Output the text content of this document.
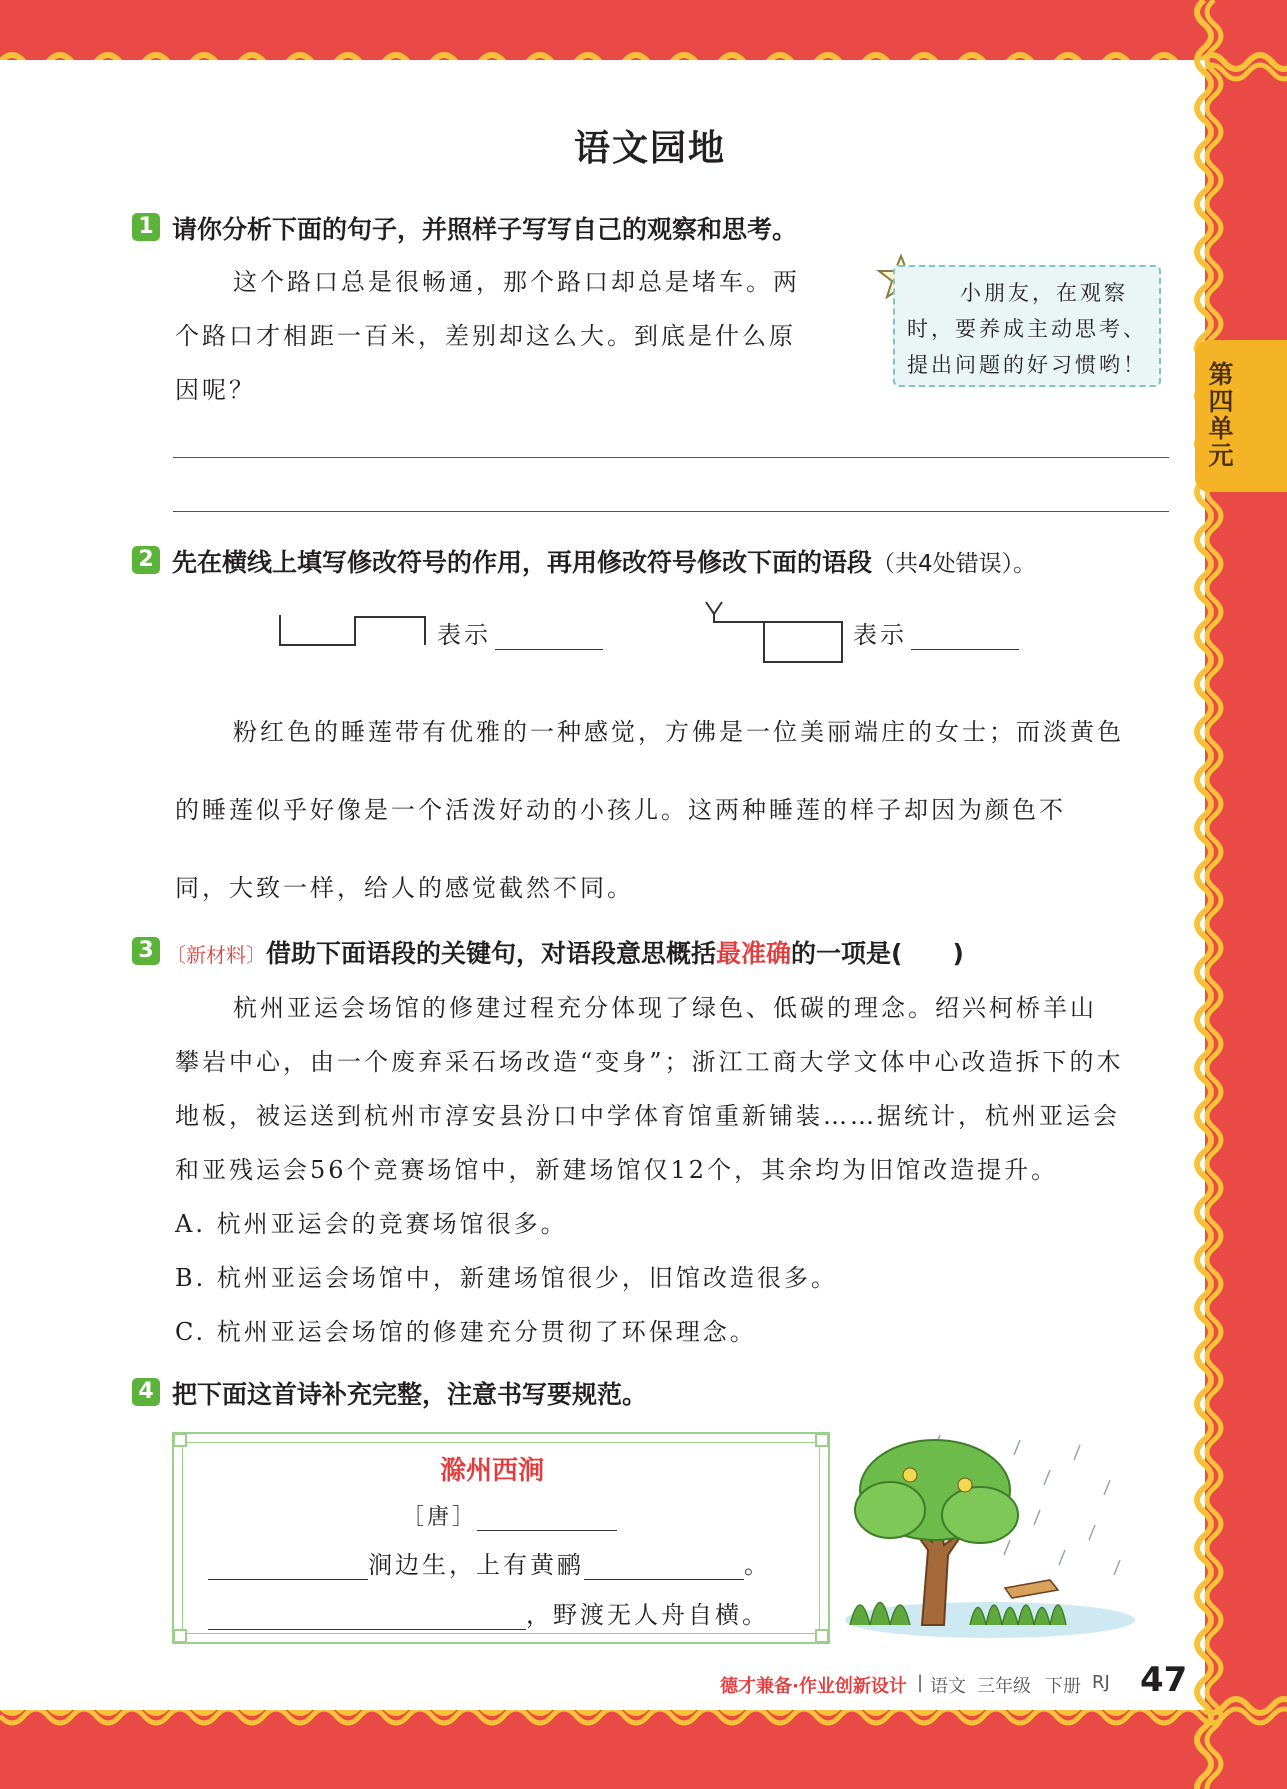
第
四
单
元
语文园地
1 请你分析下面的句子，并照样子写写自己的观察和思考。
这个路口总是很畅通，那个路口却总是堵车。两
个路口才相距一百米，差别却这么大。到底是什么原
因呢？
小朋友，在观察
时，要养成主动思考、
提出问题的好习惯哟！
2 先在横线上填写修改符号的作用，再用修改符号修改下面的语段（共4处错误）。
表示	表示
粉红色的睡莲带有优雅的一种感觉，方佛是一位美丽端庄的女士；而淡黄色
的睡莲似乎好像是一个活泼好动的小孩儿。这两种睡莲的样子却因为颜色不
同，大致一样，给人的感觉截然不同。
3 〔新材料〕借助下面语段的关键句，对语段意思概括最准确的一项是(　　)
杭州亚运会场馆的修建过程充分体现了绿色、低碳的理念。绍兴柯桥羊山
攀岩中心，由一个废弃采石场改造“变身”；浙江工商大学文体中心改造拆下的木
地板，被运送到杭州市淳安县汾口中学体育馆重新铺装……据统计，杭州亚运会
和亚残运会56个竞赛场馆中，新建场馆仅12个，其余均为旧馆改造提升。
A. 杭州亚运会的竞赛场馆很多。
B. 杭州亚运会场馆中，新建场馆很少，旧馆改造很多。
C. 杭州亚运会场馆的修建充分贯彻了环保理念。
4 把下面这首诗补充完整，注意书写要规范。
滁州西涧
［唐］
涧边生，上有黄鹂	。
，野渡无人舟自横。
德才兼备·作业创新设计 | 语文 三年级 下册 RJ 47
